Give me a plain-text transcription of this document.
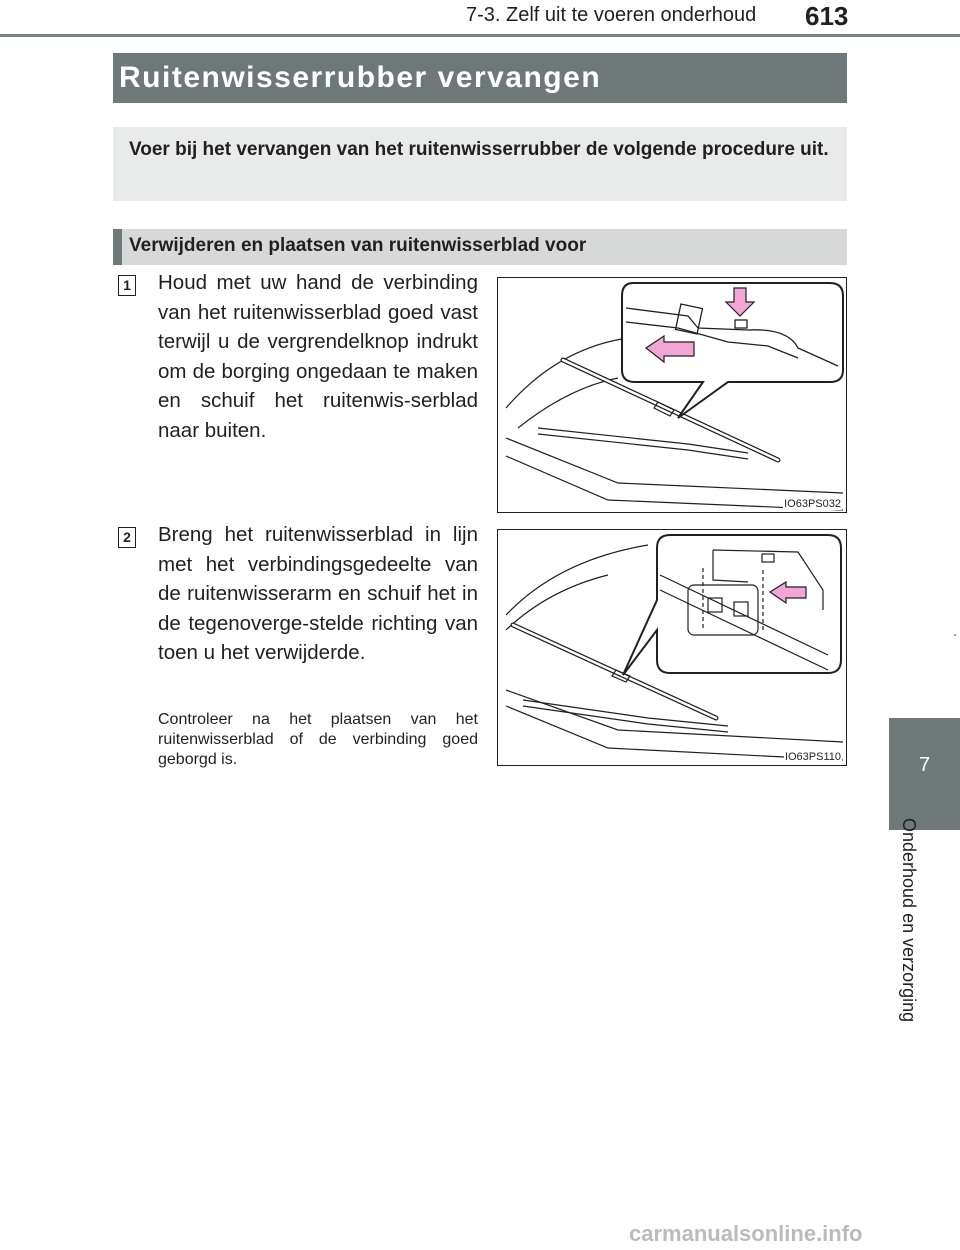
7-3. Zelf uit te voeren onderhoud 613
Ruitenwisserrubber vervangen
Voer bij het vervangen van het ruitenwisserrubber de volgende procedure uit.
Verwijderen en plaatsen van ruitenwisserblad voor
1 Houd met uw hand de verbinding van het ruitenwisserblad goed vast terwijl u de vergrendelknop indrukt om de borging ongedaan te maken en schuif het ruitenwis-serblad naar buiten.
IO63PS032
2 Breng het ruitenwisserblad in lijn met het verbindingsgedeelte van de ruitenwisserarm en schuif het in de tegenoverge-stelde richting van toen u het verwijderde.
Controleer na het plaatsen van het ruitenwisserblad of de verbinding goed geborgd is.	IO63PS110	7
Onderhoud en verzorging
carmanualsonline.info
